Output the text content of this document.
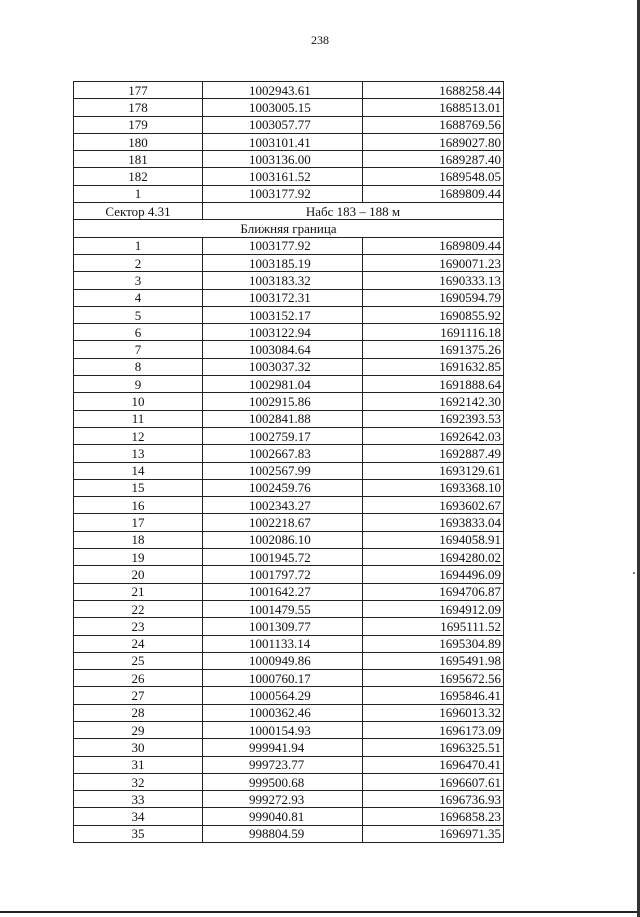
238
177	1002943.61	1688258.44
178	1003005.15	1688513.01
179	1003057.77	1688769.56
180	1003101.41	1689027.80
181	1003136.00	1689287.40
182	1003161.52	1689548.05
1	1003177.92	1689809.44
Сектор 4.31	Набс 183 – 188 м	
Ближняя граница		
1	1003177.92	1689809.44
2	1003185.19	1690071.23
3	1003183.32	1690333.13
4	1003172.31	1690594.79
5	1003152.17	1690855.92
6	1003122.94	1691116.18
7	1003084.64	1691375.26
8	1003037.32	1691632.85
9	1002981.04	1691888.64
10	1002915.86	1692142.30
11	1002841.88	1692393.53
12	1002759.17	1692642.03
13	1002667.83	1692887.49
14	1002567.99	1693129.61
15	1002459.76	1693368.10
16	1002343.27	1693602.67
17	1002218.67	1693833.04
18	1002086.10	1694058.91
19	1001945.72	1694280.02
20	1001797.72	1694496.09
21	1001642.27	1694706.87
22	1001479.55	1694912.09
23	1001309.77	1695111.52
24	1001133.14	1695304.89
25	1000949.86	1695491.98
26	1000760.17	1695672.56
27	1000564.29	1695846.41
28	1000362.46	1696013.32
29	1000154.93	1696173.09
30	999941.94	1696325.51
31	999723.77	1696470.41
32	999500.68	1696607.61
33	999272.93	1696736.93
34	999040.81	1696858.23
35	998804.59	1696971.35
